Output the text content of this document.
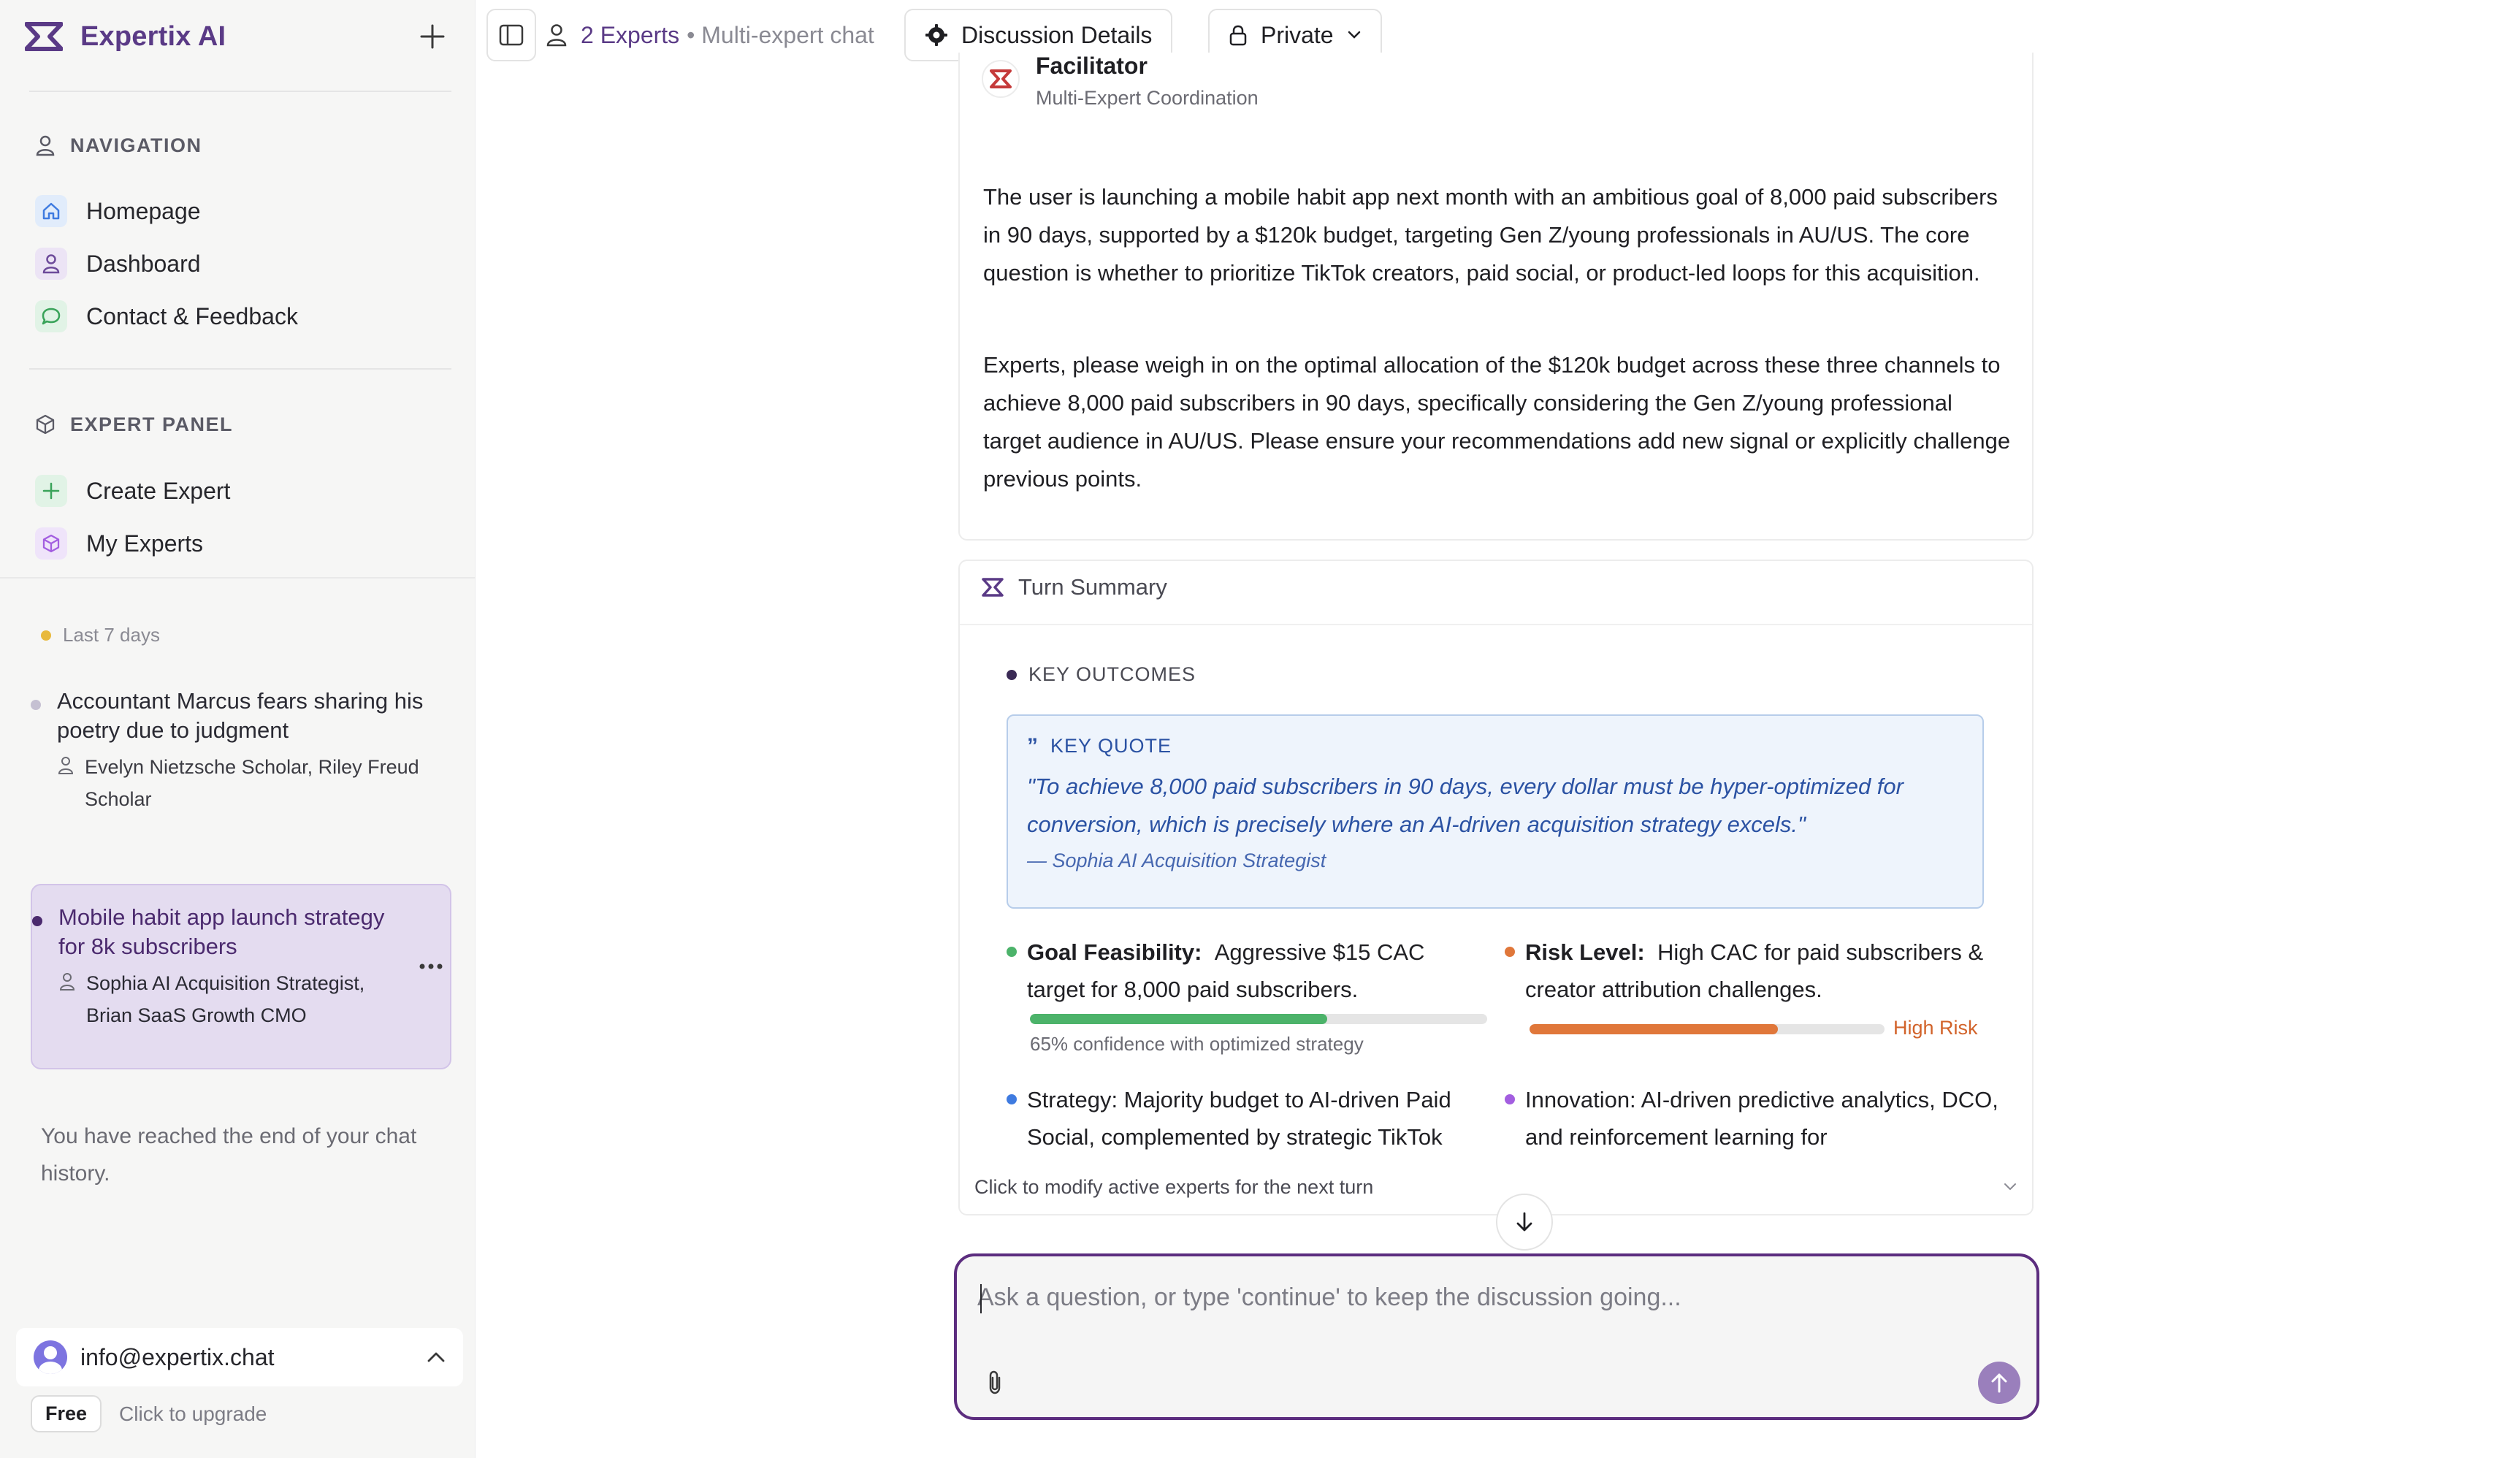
Expertix AI
NAVIGATION
Homepage
Dashboard
Contact & Feedback
EXPERT PANEL
Create Expert
My Experts
Last 7 days
Accountant Marcus fears sharing his poetry due to judgment
Evelyn Nietzsche Scholar, Riley Freud Scholar
Mobile habit app launch strategy for 8k subscribers
Sophia AI Acquisition Strategist, Brian SaaS Growth CMO
You have reached the end of your chat history.
info@expertix.chat
Free	Click to upgrade
2 Experts • Multi-expert chat	Discussion Details	Private
Facilitator
Multi-Expert Coordination

The user is launching a mobile habit app next month with an ambitious goal of 8,000 paid subscribers in 90 days, supported by a $120k budget, targeting Gen Z/young professionals in AU/US. The core question is whether to prioritize TikTok creators, paid social, or product-led loops for this acquisition.

Experts, please weigh in on the optimal allocation of the $120k budget across these three channels to achieve 8,000 paid subscribers in 90 days, specifically considering the Gen Z/young professional target audience in AU/US. Please ensure your recommendations add new signal or explicitly challenge previous points.

Turn Summary
KEY OUTCOMES
” KEY QUOTE
"To achieve 8,000 paid subscribers in 90 days, every dollar must be hyper-optimized for conversion, which is precisely where an AI-driven acquisition strategy excels."
— Sophia AI Acquisition Strategist
Goal Feasibility: Aggressive $15 CAC target for 8,000 paid subscribers.
65% confidence with optimized strategy
Risk Level: High CAC for paid subscribers & creator attribution challenges.
High Risk
Strategy: Majority budget to AI-driven Paid Social, complemented by strategic TikTok
Innovation: AI-driven predictive analytics, DCO, and reinforcement learning for
Click to modify active experts for the next turn
Ask a question, or type 'continue' to keep the discussion going...
